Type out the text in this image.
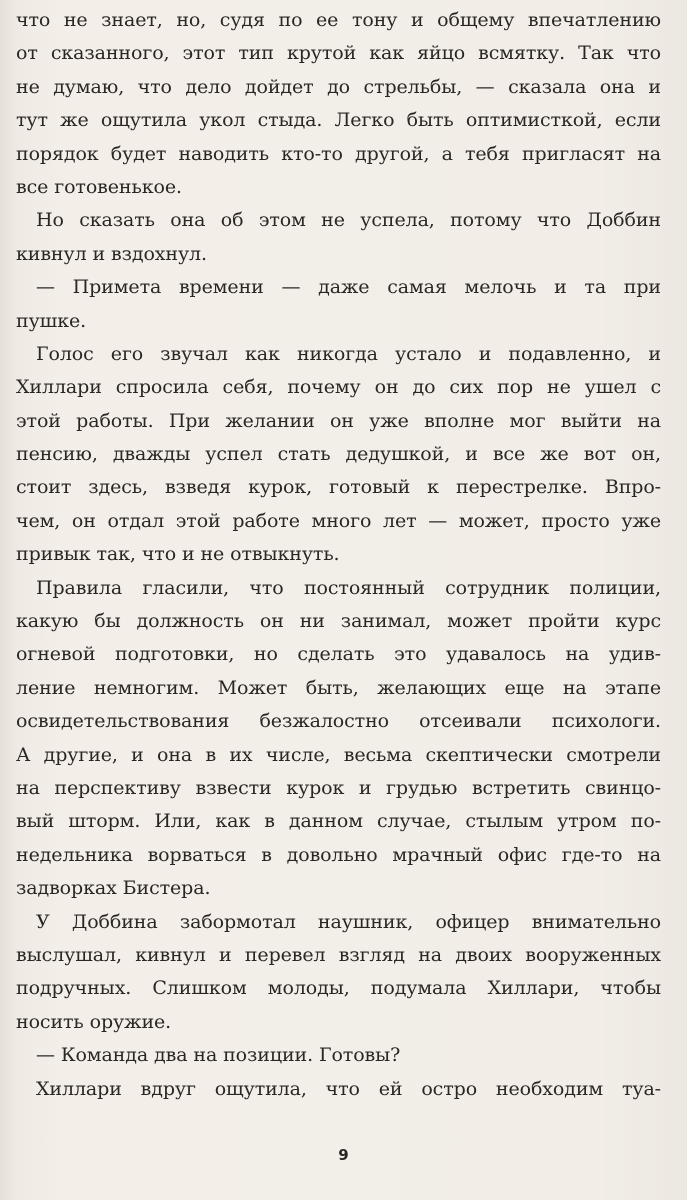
что не знает, но, судя по ее тону и общему впечатлению
от сказанного, этот тип крутой как яйцо всмятку. Так что
не думаю, что дело дойдет до стрельбы, — сказала она и
тут же ощутила укол стыда. Легко быть оптимисткой, если
порядок будет наводить кто-то другой, а тебя пригласят на
все готовенькое.
Но сказать она об этом не успела, потому что Доббин
кивнул и вздохнул.
— Примета времени — даже самая мелочь и та при
пушке.
Голос его звучал как никогда устало и подавленно, и
Хиллари спросила себя, почему он до сих пор не ушел с
этой работы. При желании он уже вполне мог выйти на
пенсию, дважды успел стать дедушкой, и все же вот он,
стоит здесь, взведя курок, готовый к перестрелке. Впро-
чем, он отдал этой работе много лет — может, просто уже
привык так, что и не отвыкнуть.
Правила гласили, что постоянный сотрудник полиции,
какую бы должность он ни занимал, может пройти курс
огневой подготовки, но сделать это удавалось на удив-
ление немногим. Может быть, желающих еще на этапе
освидетельствования безжалостно отсеивали психологи.
А другие, и она в их числе, весьма скептически смотрели
на перспективу взвести курок и грудью встретить свинцо-
вый шторм. Или, как в данном случае, стылым утром по-
недельника ворваться в довольно мрачный офис где-то на
задворках Бистера.
У Доббина забормотал наушник, офицер внимательно
выслушал, кивнул и перевел взгляд на двоих вооруженных
подручных. Слишком молоды, подумала Хиллари, чтобы
носить оружие.
— Команда два на позиции. Готовы?
Хиллари вдруг ощутила, что ей остро необходим туа-
9
